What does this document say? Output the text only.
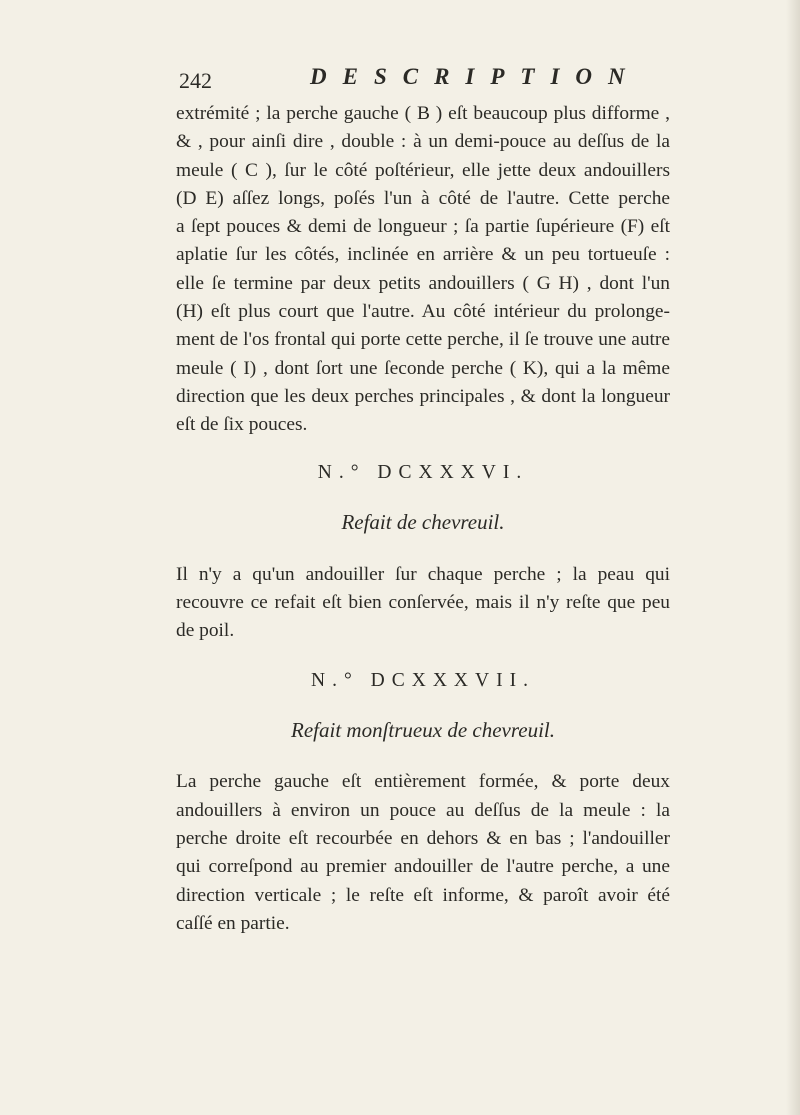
242	DESCRIPTION

extrémité ; la perche gauche ( B ) eſt beaucoup plus difforme ,

& , pour ainſi dire , double : à un demi-pouce au deſſus de la

meule ( C ), ſur le côté poſtérieur, elle jette deux andouillers

(D E) aſſez longs, poſés l'un à côté de l'autre. Cette perche

a ſept pouces & demi de longueur ; ſa partie ſupérieure (F) eſt

aplatie ſur les côtés, inclinée en arrière & un peu tortueuſe :

elle ſe termine par deux petits andouillers ( G H) , dont l'un

(H) eſt plus court que l'autre. Au côté intérieur du prolonge-

ment de l'os frontal qui porte cette perche, il ſe trouve une autre

meule ( I) , dont ſort une ſeconde perche ( K), qui a la même

direction que les deux perches principales , & dont la longueur

eſt de ſix pouces.

N.° DCXXXVI.
Refait de chevreuil.

Il n'y a qu'un andouiller ſur chaque perche ; la peau qui

recouvre ce refait eſt bien conſervée, mais il n'y reſte que peu

de poil.

N.° DCXXXVII.
Refait monſtrueux de chevreuil.

La perche gauche eſt entièrement formée, & porte deux

andouillers à environ un pouce au deſſus de la meule : la

perche droite eſt recourbée en dehors & en bas ; l'andouiller

qui correſpond au premier andouiller de l'autre perche, a une

direction verticale ; le reſte eſt informe, & paroît avoir été

caſſé en partie.
